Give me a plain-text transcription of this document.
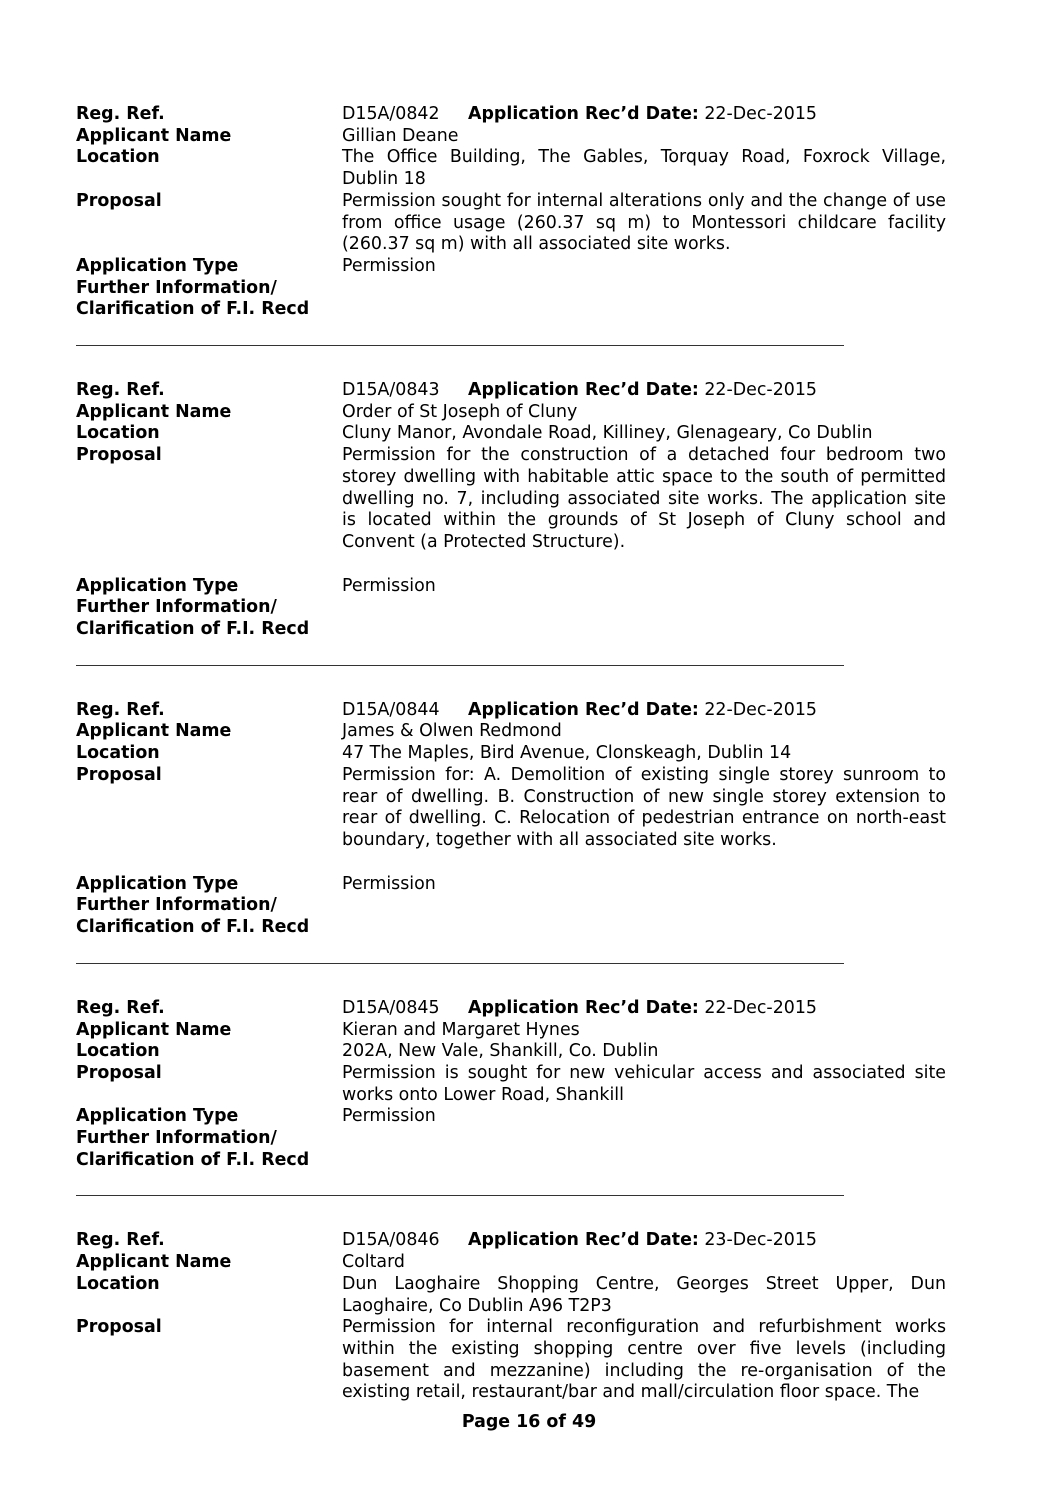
Reg. Ref.	D15A/0842 Application Rec’d Date: 22-Dec-2015
Applicant Name	Gillian Deane
Location	The Office Building, The Gables, Torquay Road, Foxrock Village, Dublin 18
Proposal	Permission sought for internal alterations only and the change of use from office usage (260.37 sq m) to Montessori childcare facility (260.37 sq m) with all associated site works.
Application Type	Permission
Further Information/
Clarification of F.I. Recd
Reg. Ref.	D15A/0843 Application Rec’d Date: 22-Dec-2015
Applicant Name	Order of St Joseph of Cluny
Location	Cluny Manor, Avondale Road, Killiney, Glenageary, Co Dublin
Proposal	Permission for the construction of a detached four bedroom two storey dwelling with habitable attic space to the south of permitted dwelling no. 7, including associated site works. The application site is located within the grounds of St Joseph of Cluny school and Convent (a Protected Structure).
Application Type	Permission
Further Information/
Clarification of F.I. Recd
Reg. Ref.	D15A/0844 Application Rec’d Date: 22-Dec-2015
Applicant Name	James & Olwen Redmond
Location	47 The Maples, Bird Avenue, Clonskeagh, Dublin 14
Proposal	Permission for: A. Demolition of existing single storey sunroom to rear of dwelling. B. Construction of new single storey extension to rear of dwelling. C. Relocation of pedestrian entrance on north-east boundary, together with all associated site works.
Application Type	Permission
Further Information/
Clarification of F.I. Recd
Reg. Ref.	D15A/0845 Application Rec’d Date: 22-Dec-2015
Applicant Name	Kieran and Margaret Hynes
Location	202A, New Vale, Shankill, Co. Dublin
Proposal	Permission is sought for new vehicular access and associated site works onto Lower Road, Shankill
Application Type	Permission
Further Information/
Clarification of F.I. Recd
Reg. Ref.	D15A/0846 Application Rec’d Date: 23-Dec-2015
Applicant Name	Coltard
Location	Dun Laoghaire Shopping Centre, Georges Street Upper, Dun Laoghaire, Co Dublin A96 T2P3
Proposal	Permission for internal reconfiguration and refurbishment works within the existing shopping centre over five levels (including basement and mezzanine) including the re-organisation of the existing retail, restaurant/bar and mall/circulation floor space. The
Page 16 of 49
